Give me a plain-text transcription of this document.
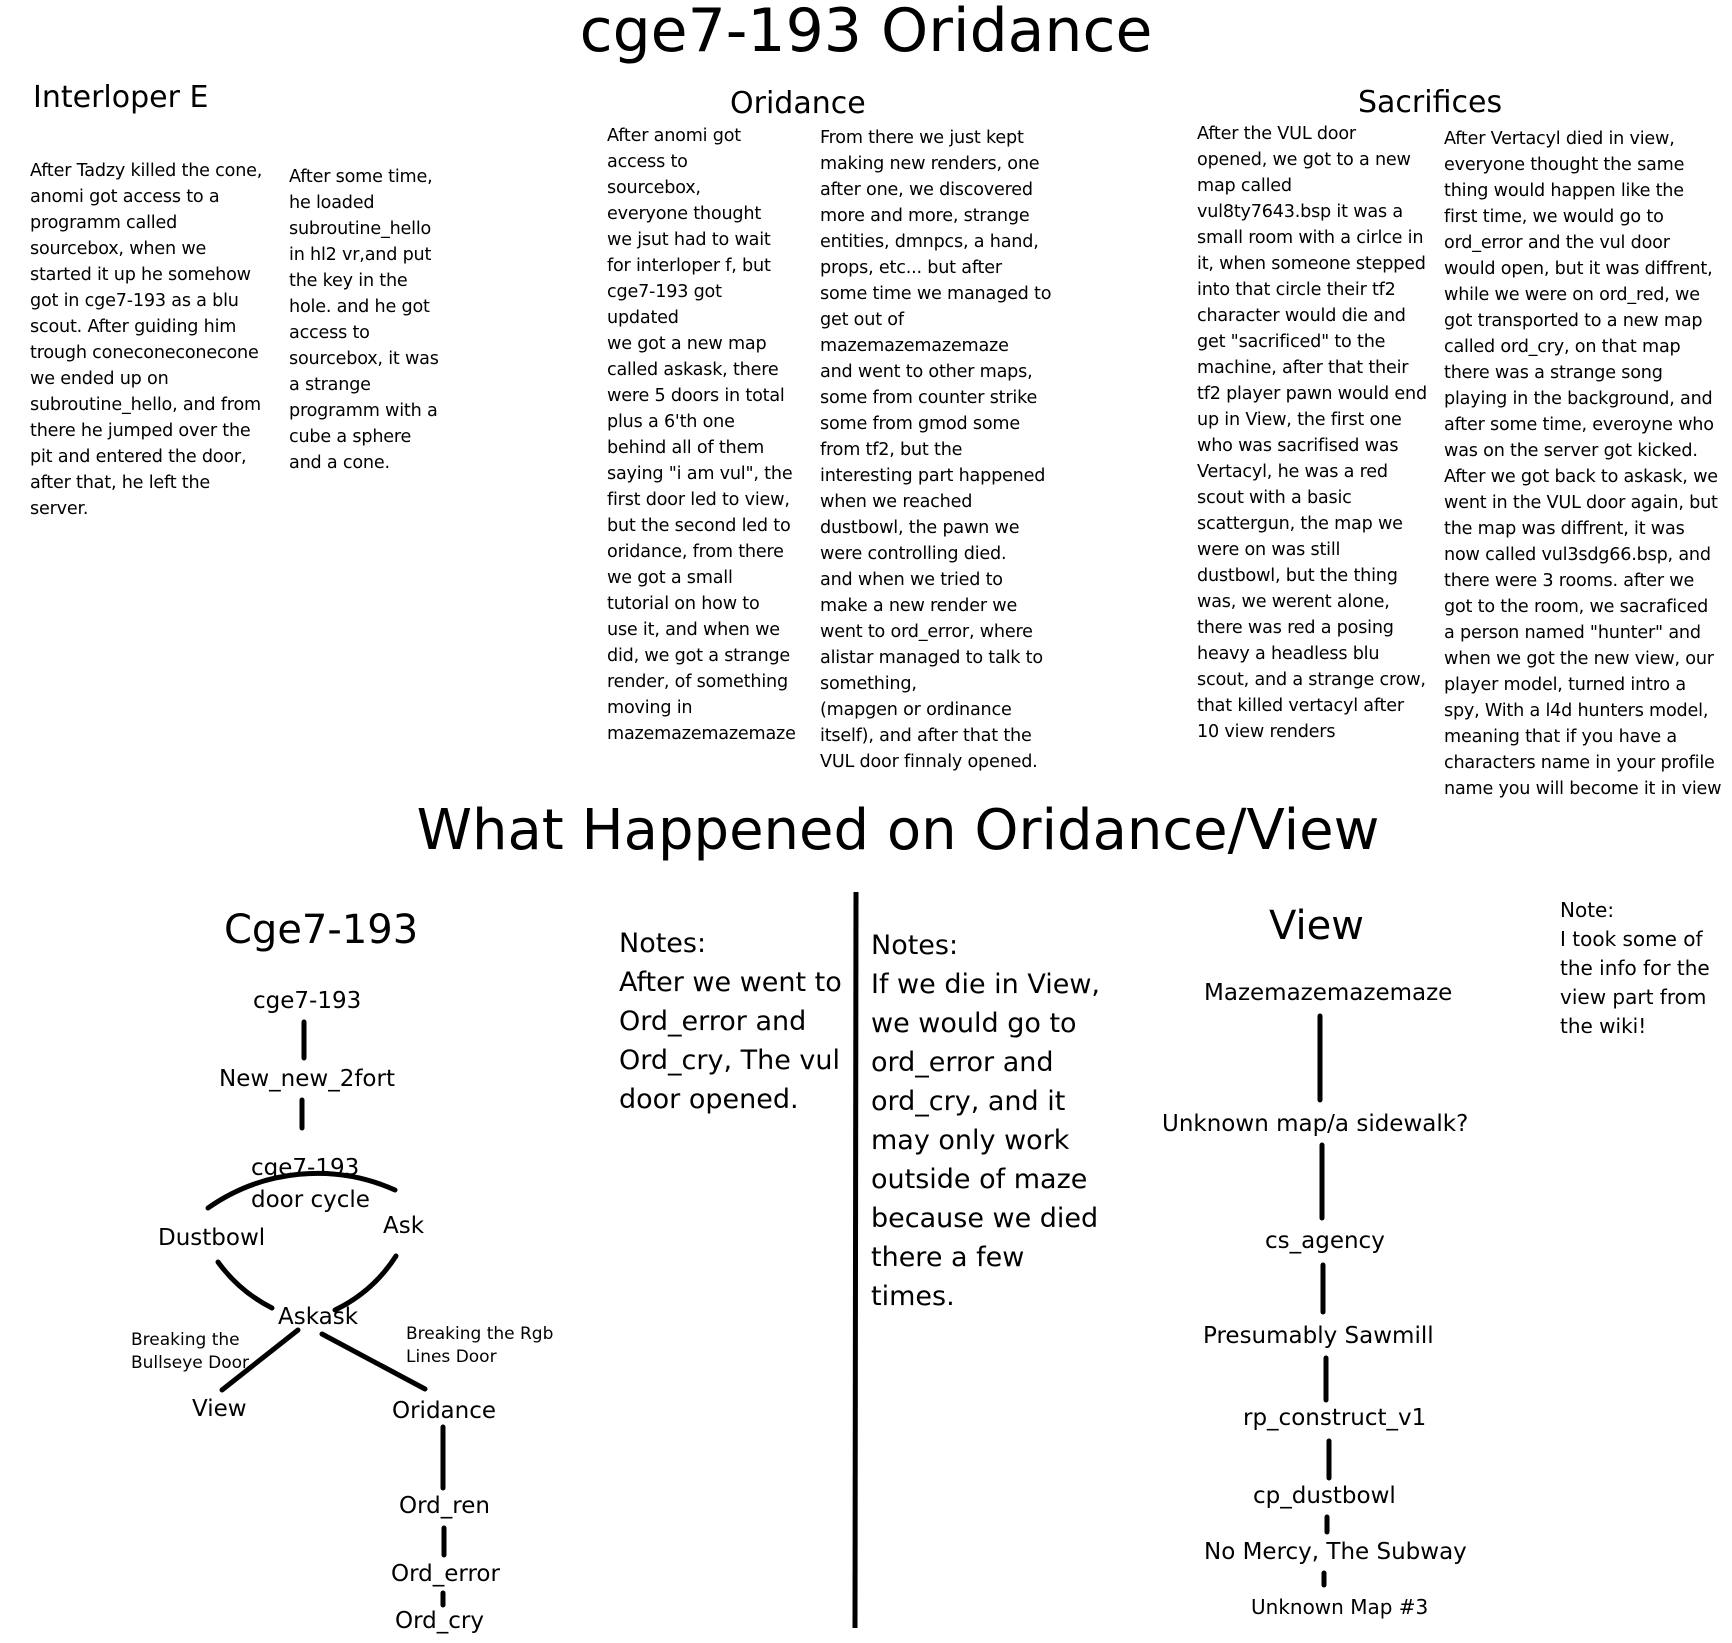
cge7-193 Oridance
Interloper E
After Tadzy killed the cone,
anomi got access to a
programm called
sourcebox, when we
started it up he somehow
got in cge7-193 as a blu
scout. After guiding him
trough coneconeconecone
we ended up on
subroutine_hello, and from
there he jumped over the
pit and entered the door,
after that, he left the
server.
After some time,
he loaded
subroutine_hello
in hl2 vr,and put
the key in the
hole. and he got
access to
sourcebox, it was
a strange
programm with a
cube a sphere
and a cone.
Oridance
After anomi got
access to
sourcebox,
everyone thought
we jsut had to wait
for interloper f, but
cge7-193 got
updated
we got a new map
called askask, there
were 5 doors in total
plus a 6'th one
behind all of them
saying "i am vul", the
first door led to view,
but the second led to
oridance, from there
we got a small
tutorial on how to
use it, and when we
did, we got a strange
render, of something
moving in
mazemazemazemaze
From there we just kept
making new renders, one
after one, we discovered
more and more, strange
entities, dmnpcs, a hand,
props, etc... but after
some time we managed to
get out of
mazemazemazemaze
and went to other maps,
some from counter strike
some from gmod some
from tf2, but the
interesting part happened
when we reached
dustbowl, the pawn we
were controlling died.
and when we tried to
make a new render we
went to ord_error, where
alistar managed to talk to
something,
(mapgen or ordinance
itself), and after that the
VUL door finnaly opened.
Sacrifices
After the VUL door
opened, we got to a new
map called
vul8ty7643.bsp it was a
small room with a cirlce in
it, when someone stepped
into that circle their tf2
character would die and
get "sacrificed" to the
machine, after that their
tf2 player pawn would end
up in View, the first one
who was sacrifised was
Vertacyl, he was a red
scout with a basic
scattergun, the map we
were on was still
dustbowl, but the thing
was, we werent alone,
there was red a posing
heavy a headless blu
scout, and a strange crow,
that killed vertacyl after
10 view renders
After Vertacyl died in view,
everyone thought the same
thing would happen like the
first time, we would go to
ord_error and the vul door
would open, but it was diffrent,
while we were on ord_red, we
got transported to a new map
called ord_cry, on that map
there was a strange song
playing in the background, and
after some time, everoyne who
was on the server got kicked.
After we got back to askask, we
went in the VUL door again, but
the map was diffrent, it was
now called vul3sdg66.bsp, and
there were 3 rooms. after we
got to the room, we sacraficed
a person named "hunter" and
when we got the new view, our
player model, turned intro a
spy, With a l4d hunters model,
meaning that if you have a
characters name in your profile
name you will become it in view
What Happened on Oridance/View
Cge7-193
cge7-193
New_new_2fort
cge7-193
door cycle
Dustbowl	Ask
Askask
Breaking the
Bullseye Door
Breaking the Rgb
Lines Door
View	Oridance
Ord_ren
Ord_error
Ord_cry
Notes:
After we went to
Ord_error and
Ord_cry, The vul
door opened.
Notes:
If we die in View,
we would go to
ord_error and
ord_cry, and it
may only work
outside of maze
because we died
there a few
times.
View
Mazemazemazemaze
Unknown map/a sidewalk?
cs_agency
Presumably Sawmill
rp_construct_v1
cp_dustbowl
No Mercy, The Subway
Unknown Map #3
Note:
I took some of
the info for the
view part from
the wiki!
